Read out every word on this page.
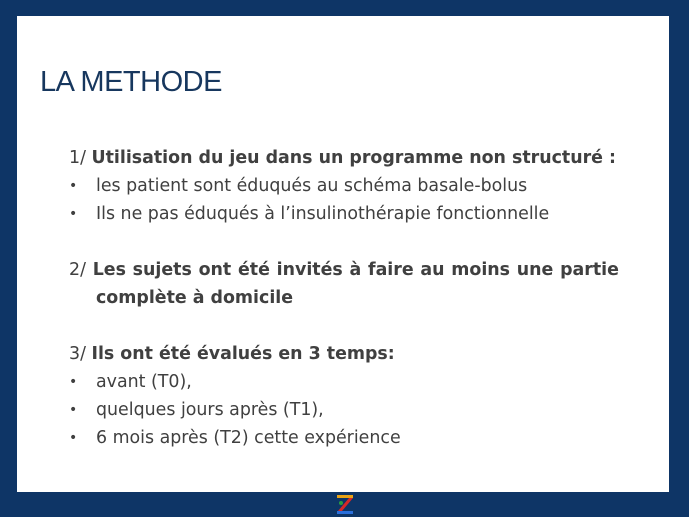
LA METHODE
1/ Utilisation du jeu dans un programme non structuré :
• les patient sont éduqués au schéma basale-bolus
• Ils ne pas éduqués à l’insulinothérapie fonctionnelle
2/ Les sujets ont été invités à faire au moins une partie
complète à domicile
3/ Ils ont été évalués en 3 temps:
• avant (T0),
• quelques jours après (T1),
• 6 mois après (T2) cette expérience
